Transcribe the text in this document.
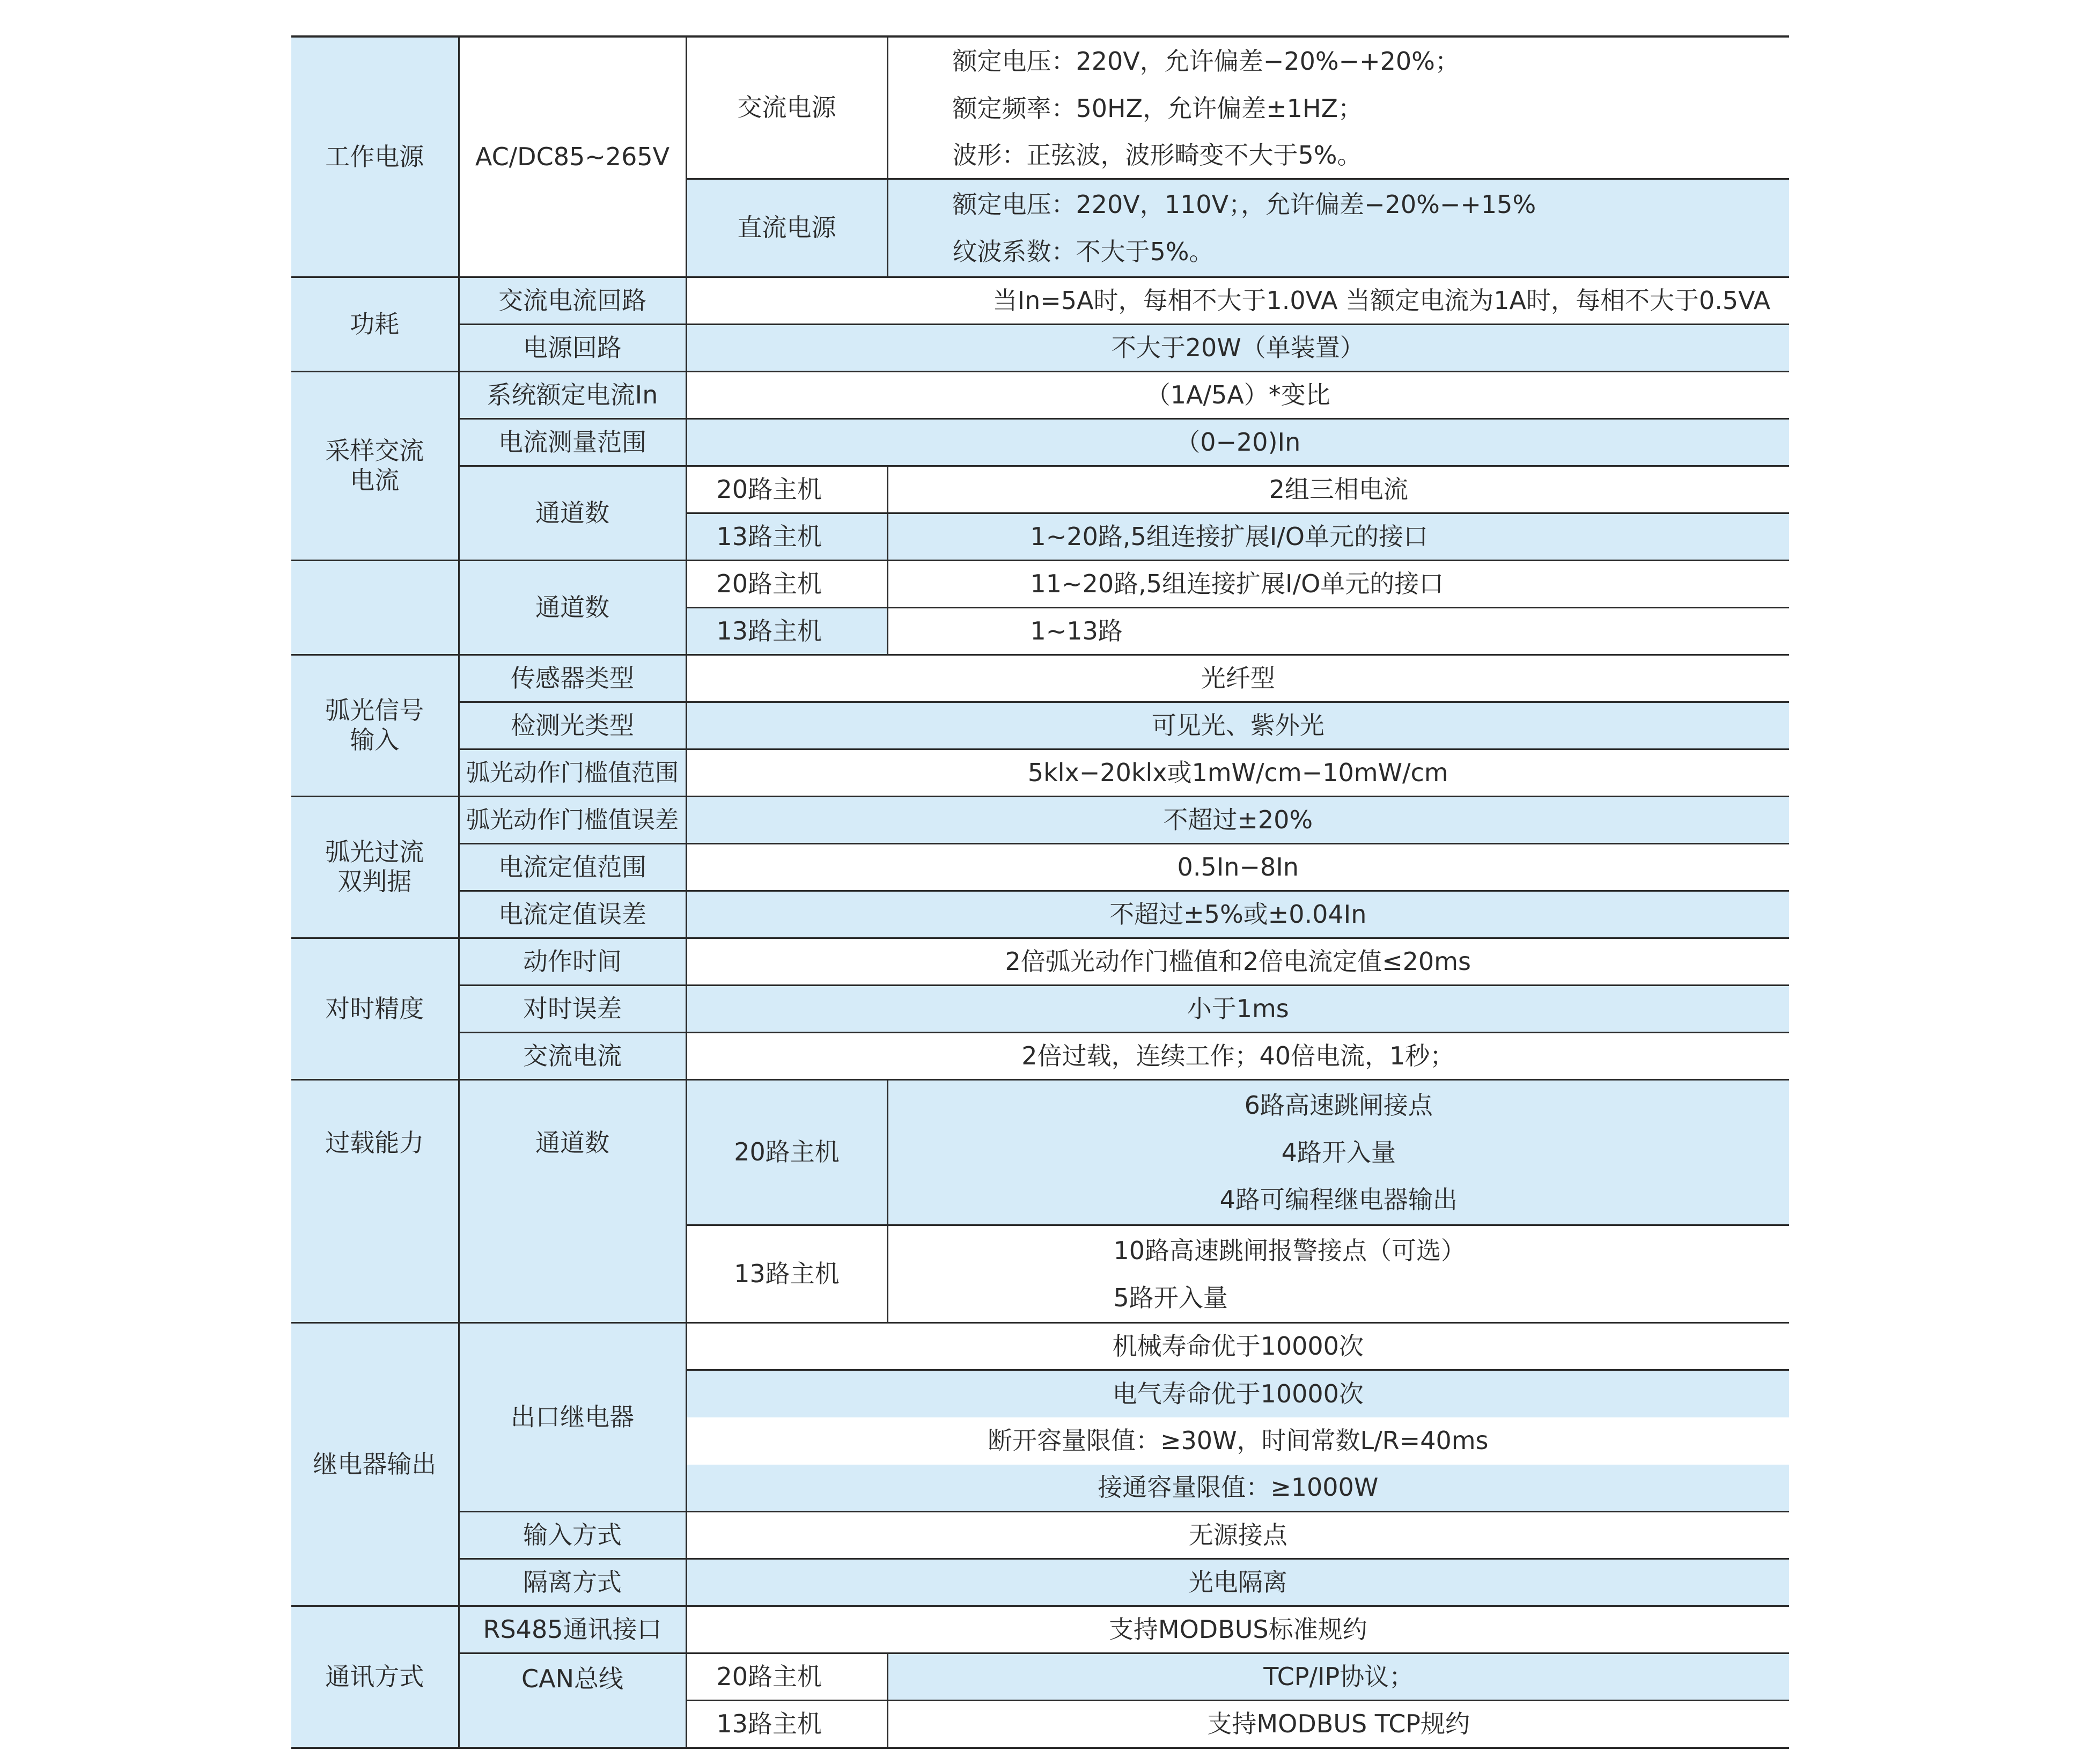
工作电源	AC/DC85~265V	交流电源	额定电压：220V，允许偏差−20%−+20%；
额定频率：50HZ，允许偏差±1HZ；
波形：正弦波，波形畸变不大于5%。

		直流电源	额定电压：220V，110V；，允许偏差−20%−+15%
纹波系数：不大于5%。

功耗	交流电流回路	当In=5A时，每相不大于1.0VA 当额定电流为1A时，每相不大于0.5VA	
	电源回路	不大于20W（单装置）	
采样交流电流	系统额定电流In	（1A/5A）*变比	
	电流测量范围	（0−20)In	
	通道数	20路主机	2组三相电流
		13路主机	1~20路,5组连接扩展I/O单元的接口
	通道数	20路主机	11~20路,5组连接扩展I/O单元的接口
		13路主机	1~13路
弧光信号输入	传感器类型	光纤型	
	检测光类型	可见光、紫外光	
	弧光动作门槛值范围	5klx−20klx或1mW/cm−10mW/cm	
弧光过流双判据	弧光动作门槛值误差	不超过±20%	
	电流定值范围	0.5In−8In	
	电流定值误差	不超过±5%或±0.04In	
对时精度	动作时间	2倍弧光动作门槛值和2倍电流定值≤20ms	
	对时误差	小于1ms	
	交流电流	2倍过载，连续工作；40倍电流，1秒；	
过载能力	通道数	20路主机	6路高速跳闸接点
4路开入量
4路可编程继电器输出

		13路主机	10路高速跳闸报警接点（可选）
5路开入量

继电器输出	出口继电器	机械寿命优于10000次	
		电气寿命优于10000次	
		断开容量限值：≥30W，时间常数L/R=40ms	
		接通容量限值：≥1000W	
	输入方式	无源接点	
	隔离方式	光电隔离	
通讯方式	RS485通讯接口	支持MODBUS标准规约	
	CAN总线	20路主机	TCP/IP协议；
		13路主机	支持MODBUS TCP规约
